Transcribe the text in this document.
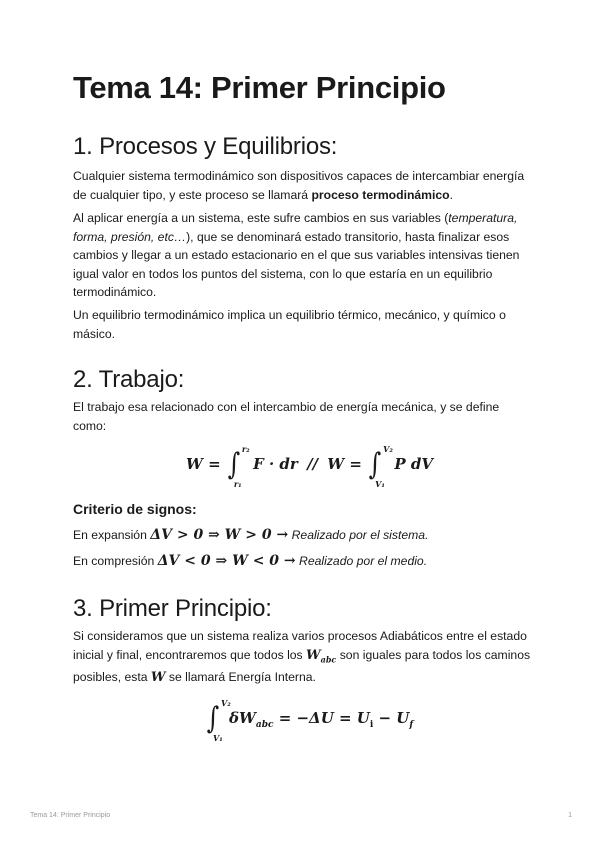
Tema 14: Primer Principio
1. Procesos y Equilibrios:

Cualquier sistema termodinámico son dispositivos capaces de intercambiar energía de cualquier tipo, y este proceso se llamará proceso termodinámico.

Al aplicar energía a un sistema, este sufre cambios en sus variables (temperatura, forma, presión, etc…), que se denominará estado transitorio, hasta finalizar esos cambios y llegar a un estado estacionario en el que sus variables intensivas tienen igual valor en todos los puntos del sistema, con lo que estaría en un equilibrio termodinámico.

Un equilibrio termodinámico implica un equilibrio térmico, mecánico, y químico o másico.

2. Trabajo:

El trabajo esa relacionado con el intercambio de energía mecánica, y se define como:

W = ∫ r₂
r₁
F · dr // W = ∫ V₂
V₁
P dV
Criterio de signos:

En expansión ΔV > 0 ⇒ W > 0 → Realizado por el sistema.

En compresión ΔV < 0 ⇒ W < 0 → Realizado por el medio.

3. Primer Principio:

Si consideramos que un sistema realiza varios procesos Adiabáticos entre el estado inicial y final, encontraremos que todos los $W_{abc}$ son iguales para todos los caminos posibles, esta W se llamará Energía Interna.

∫ V₂
V₁
$\delta W_{abc} = -\Delta U = U_i - U_f$
Tema 14: Primer Principio	1
